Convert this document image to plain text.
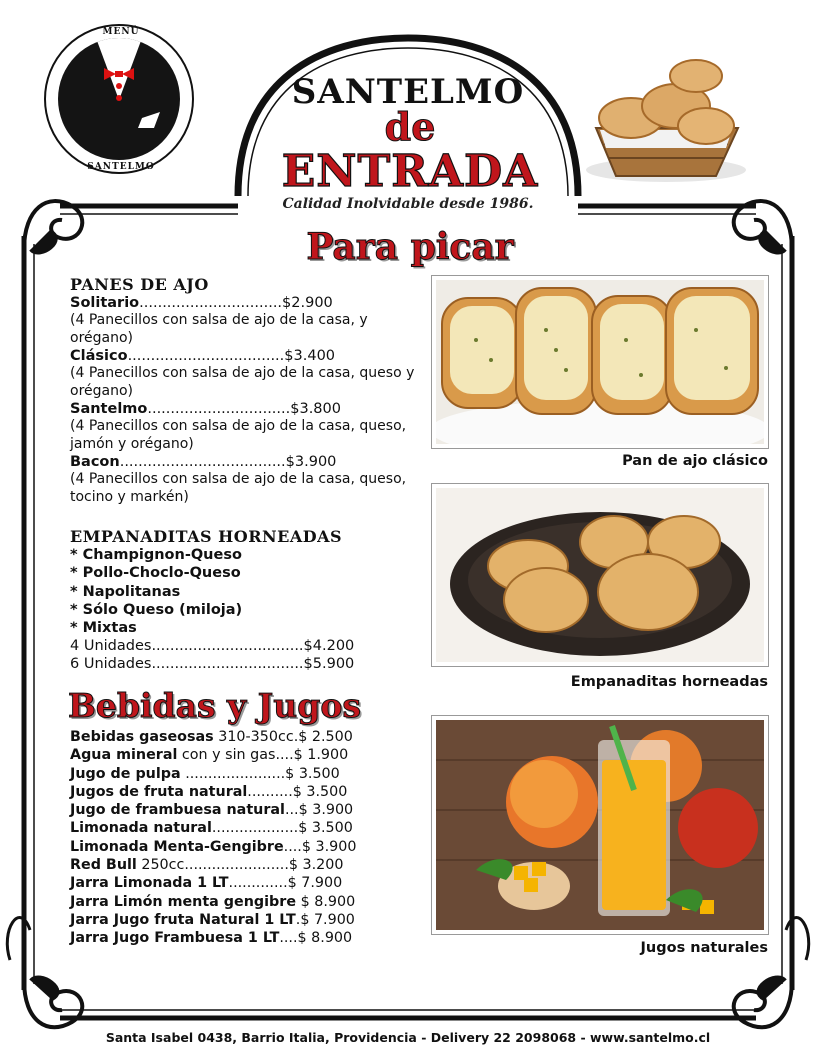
MENÚ
SANTELMO
SANTELMO
de
ENTRADA
Calidad Inolvidable desde 1986.
Para picar
PANES DE AJO
Solitario...............................$2.900
(4 Panecillos con salsa de ajo de la casa, y orégano)
Clásico..................................$3.400
(4 Panecillos con salsa de ajo de la casa, queso y orégano)
Santelmo...............................$3.800
(4 Panecillos con salsa de ajo de la casa, queso, jamón y orégano)
Bacon....................................$3.900
(4 Panecillos con salsa de ajo de la casa, queso, tocino y markén)
EMPANADITAS HORNEADAS
* Champignon-Queso
* Pollo-Choclo-Queso
* Napolitanas
* Sólo Queso (miloja)
* Mixtas
4 Unidades.................................$4.200
6 Unidades.................................$5.900
Bebidas y Jugos
Bebidas gaseosas 310-350cc.$ 2.500
Agua mineral con y sin gas....$ 1.900
Jugo de pulpa ......................$ 3.500
Jugos de fruta natural..........$ 3.500
Jugo de frambuesa natural...$ 3.900
Limonada natural...................$ 3.500
Limonada Menta-Gengibre....$ 3.900
Red Bull 250cc.......................$ 3.200
Jarra Limonada 1 LT.............$ 7.900
Jarra Limón menta gengibre $ 8.900
Jarra Jugo fruta Natural 1 LT.$ 7.900
Jarra Jugo Frambuesa 1 LT....$ 8.900
Pan de ajo clásico
Empanaditas horneadas
Jugos naturales
Santa Isabel 0438, Barrio Italia, Providencia - Delivery 22 2098068 - www.santelmo.cl
